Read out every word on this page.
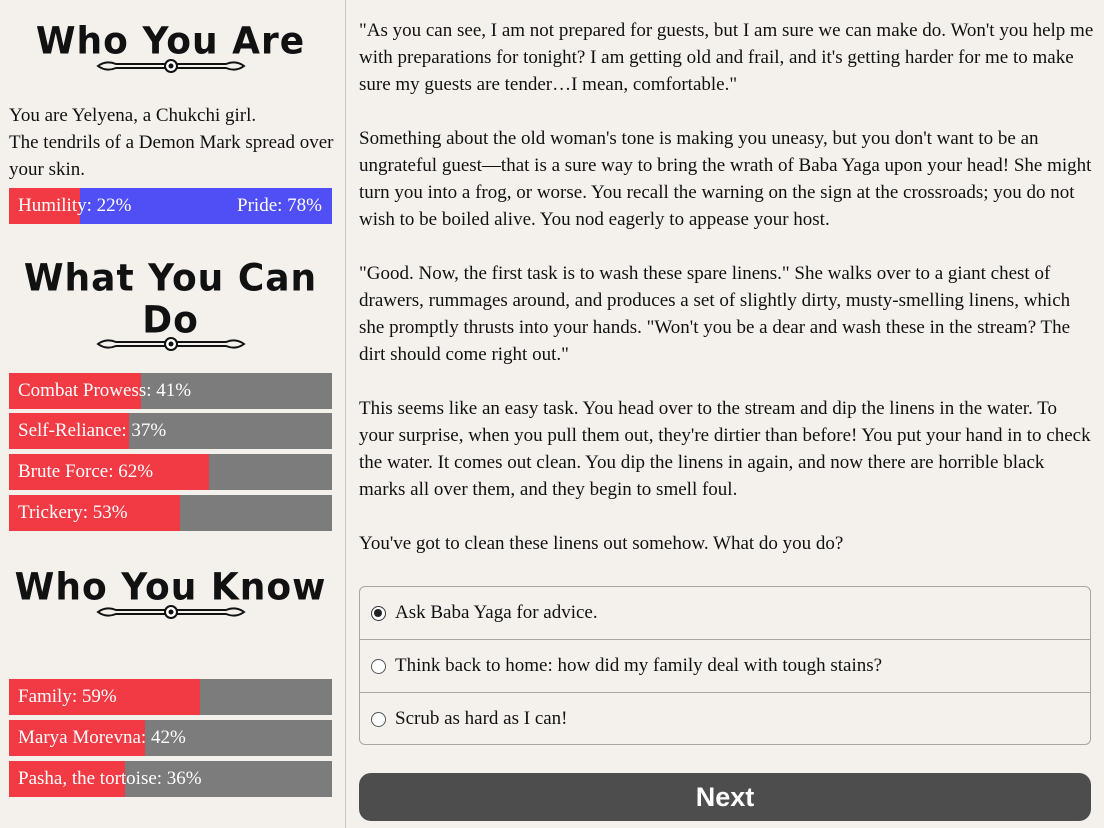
Who You Are
You are Yelyena, a Chukchi girl.
The tendrils of a Demon Mark spread over your skin.
Humility: 22%	Pride: 78%
What You Can Do
Combat Prowess: 41%
Self-Reliance: 37%
Brute Force: 62%
Trickery: 53%
Who You Know
Family: 59%
Marya Morevna: 42%
Pasha, the tortoise: 36%

"As you can see, I am not prepared for guests, but I am sure we can make do. Won't you help me with preparations for tonight? I am getting old and frail, and it's getting harder for me to make sure my guests are tender…I mean, comfortable."

Something about the old woman's tone is making you uneasy, but you don't want to be an ungrateful guest—that is a sure way to bring the wrath of Baba Yaga upon your head! She might turn you into a frog, or worse. You recall the warning on the sign at the crossroads; you do not wish to be boiled alive. You nod eagerly to appease your host.

"Good. Now, the first task is to wash these spare linens." She walks over to a giant chest of drawers, rummages around, and produces a set of slightly dirty, musty-smelling linens, which she promptly thrusts into your hands. "Won't you be a dear and wash these in the stream? The dirt should come right out."

This seems like an easy task. You head over to the stream and dip the linens in the water. To your surprise, when you pull them out, they're dirtier than before! You put your hand in to check the water. It comes out clean. You dip the linens in again, and now there are horrible black marks all over them, and they begin to smell foul.

You've got to clean these linens out somehow. What do you do?

Ask Baba Yaga for advice.
Think back to home: how did my family deal with tough stains?
Scrub as hard as I can!
Next
